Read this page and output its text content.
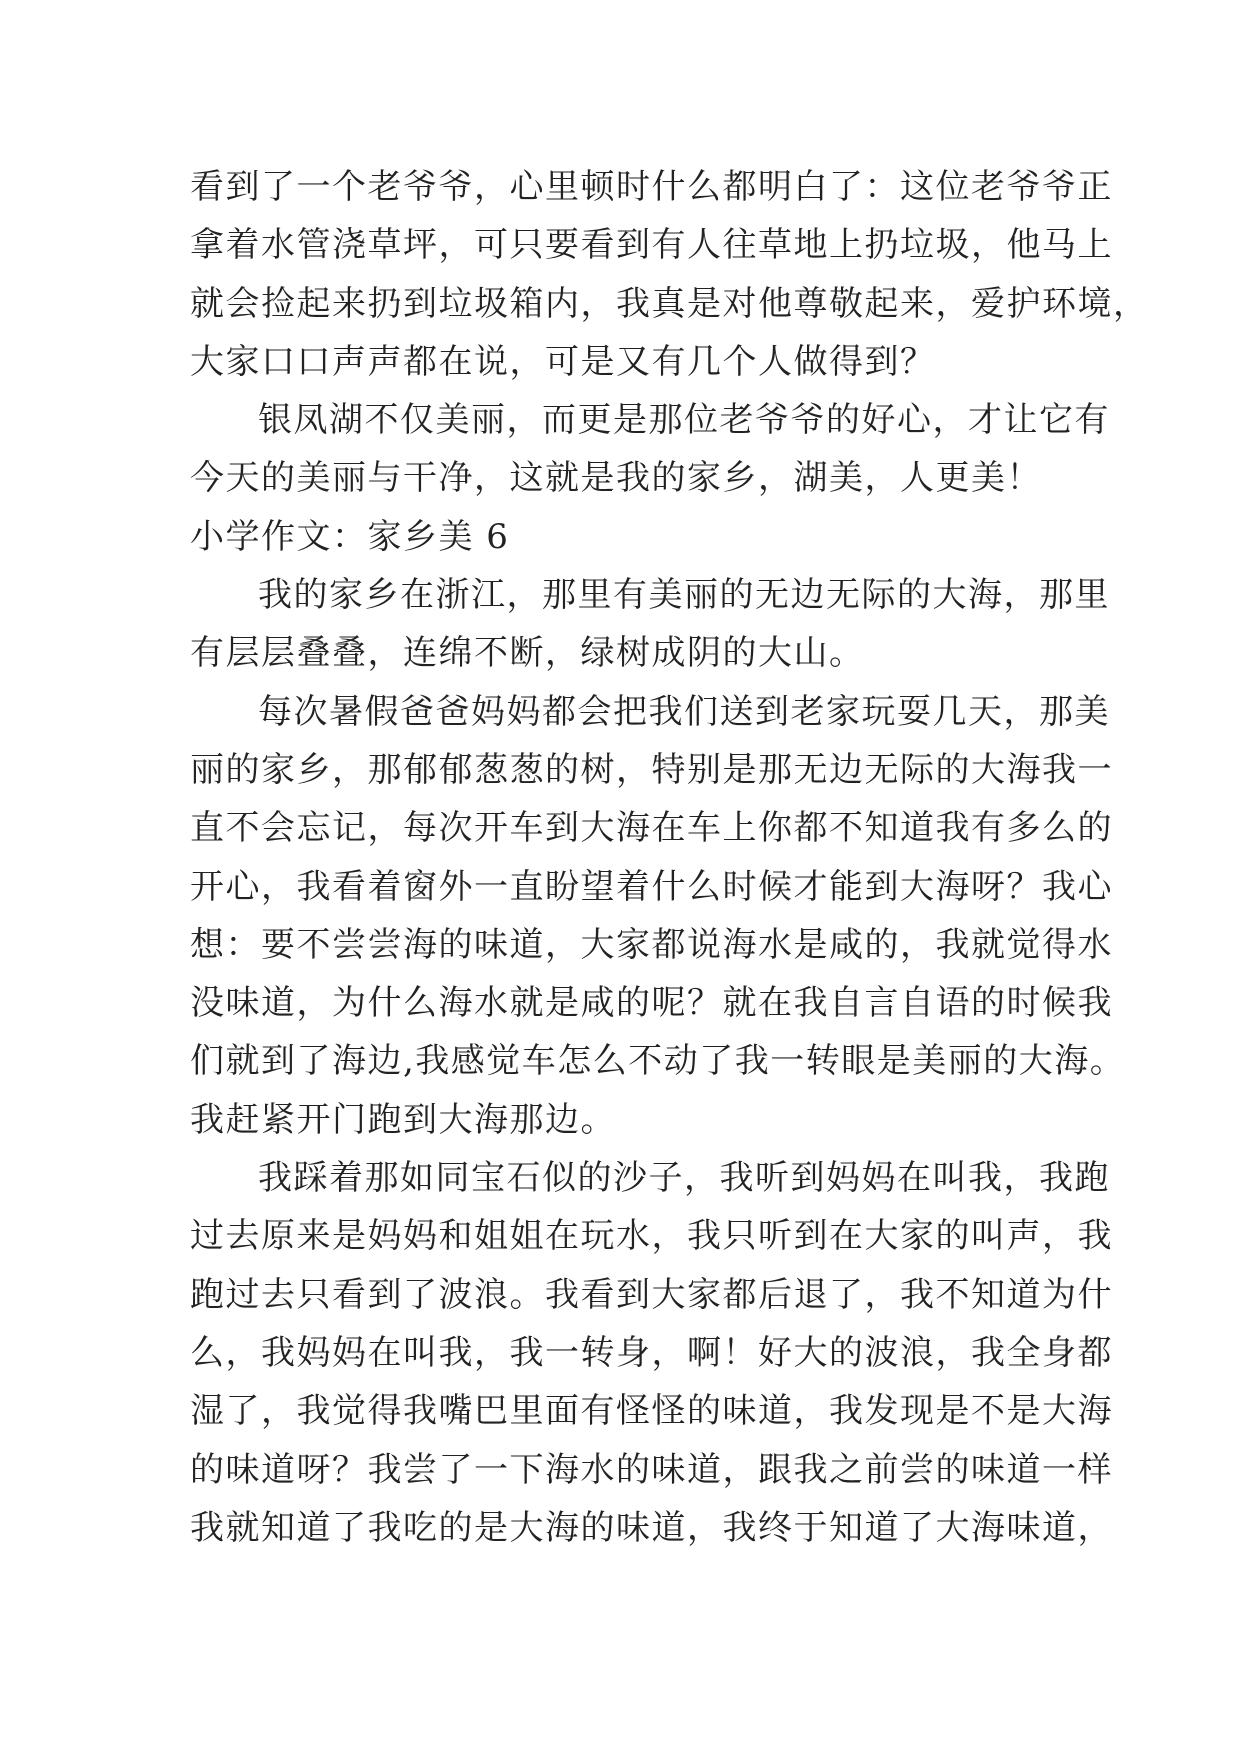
看到了一个老爷爷，心里顿时什么都明白了：这位老爷爷正
拿着水管浇草坪，可只要看到有人往草地上扔垃圾，他马上
就会捡起来扔到垃圾箱内，我真是对他尊敬起来，爱护环境，
大家口口声声都在说，可是又有几个人做得到？
银凤湖不仅美丽，而更是那位老爷爷的好心，才让它有
今天的美丽与干净，这就是我的家乡，湖美，人更美！
小学作文：家乡美 6
我的家乡在浙江，那里有美丽的无边无际的大海，那里
有层层叠叠，连绵不断，绿树成阴的大山。
每次暑假爸爸妈妈都会把我们送到老家玩耍几天，那美
丽的家乡，那郁郁葱葱的树，特别是那无边无际的大海我一
直不会忘记，每次开车到大海在车上你都不知道我有多么的
开心，我看着窗外一直盼望着什么时候才能到大海呀？我心
想：要不尝尝海的味道，大家都说海水是咸的，我就觉得水
没味道，为什么海水就是咸的呢？就在我自言自语的时候我
们就到了海边,我感觉车怎么不动了我一转眼是美丽的大海。
我赶紧开门跑到大海那边。
我踩着那如同宝石似的沙子，我听到妈妈在叫我，我跑
过去原来是妈妈和姐姐在玩水，我只听到在大家的叫声，我
跑过去只看到了波浪。我看到大家都后退了，我不知道为什
么，我妈妈在叫我，我一转身，啊！好大的波浪，我全身都
湿了，我觉得我嘴巴里面有怪怪的味道，我发现是不是大海
的味道呀？我尝了一下海水的味道，跟我之前尝的味道一样
我就知道了我吃的是大海的味道，我终于知道了大海味道，
